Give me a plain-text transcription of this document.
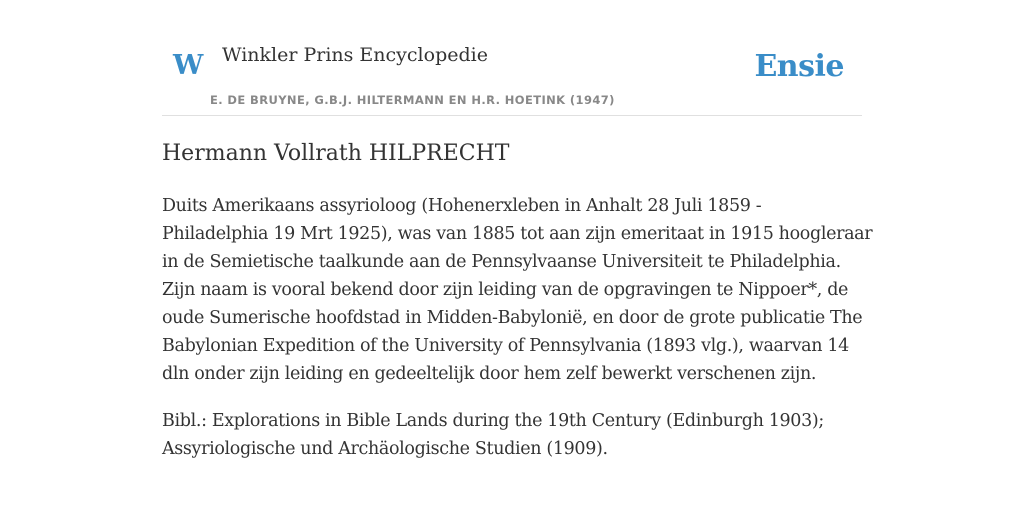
W Winkler Prins Encyclopedie
E. DE BRUYNE, G.B.J. HILTERMANN EN H.R. HOETINK (1947)
Ensie
Hermann Vollrath HILPRECHT

Duits Amerikaans assyrioloog (Hohenerxleben in Anhalt 28 Juli 1859 -
Philadelphia 19 Mrt 1925), was van 1885 tot aan zijn emeritaat in 1915 hoogleraar
in de Semietische taalkunde aan de Pennsylvaanse Universiteit te Philadelphia.
Zijn naam is vooral bekend door zijn leiding van de opgravingen te Nippoer*, de
oude Sumerische hoofdstad in Midden-Babylonië, en door de grote publicatie The
Babylonian Expedition of the University of Pennsylvania (1893 vlg.), waarvan 14
dln onder zijn leiding en gedeeltelijk door hem zelf bewerkt verschenen zijn.

Bibl.: Explorations in Bible Lands during the 19th Century (Edinburgh 1903);
Assyriologische und Archäologische Studien (1909).
